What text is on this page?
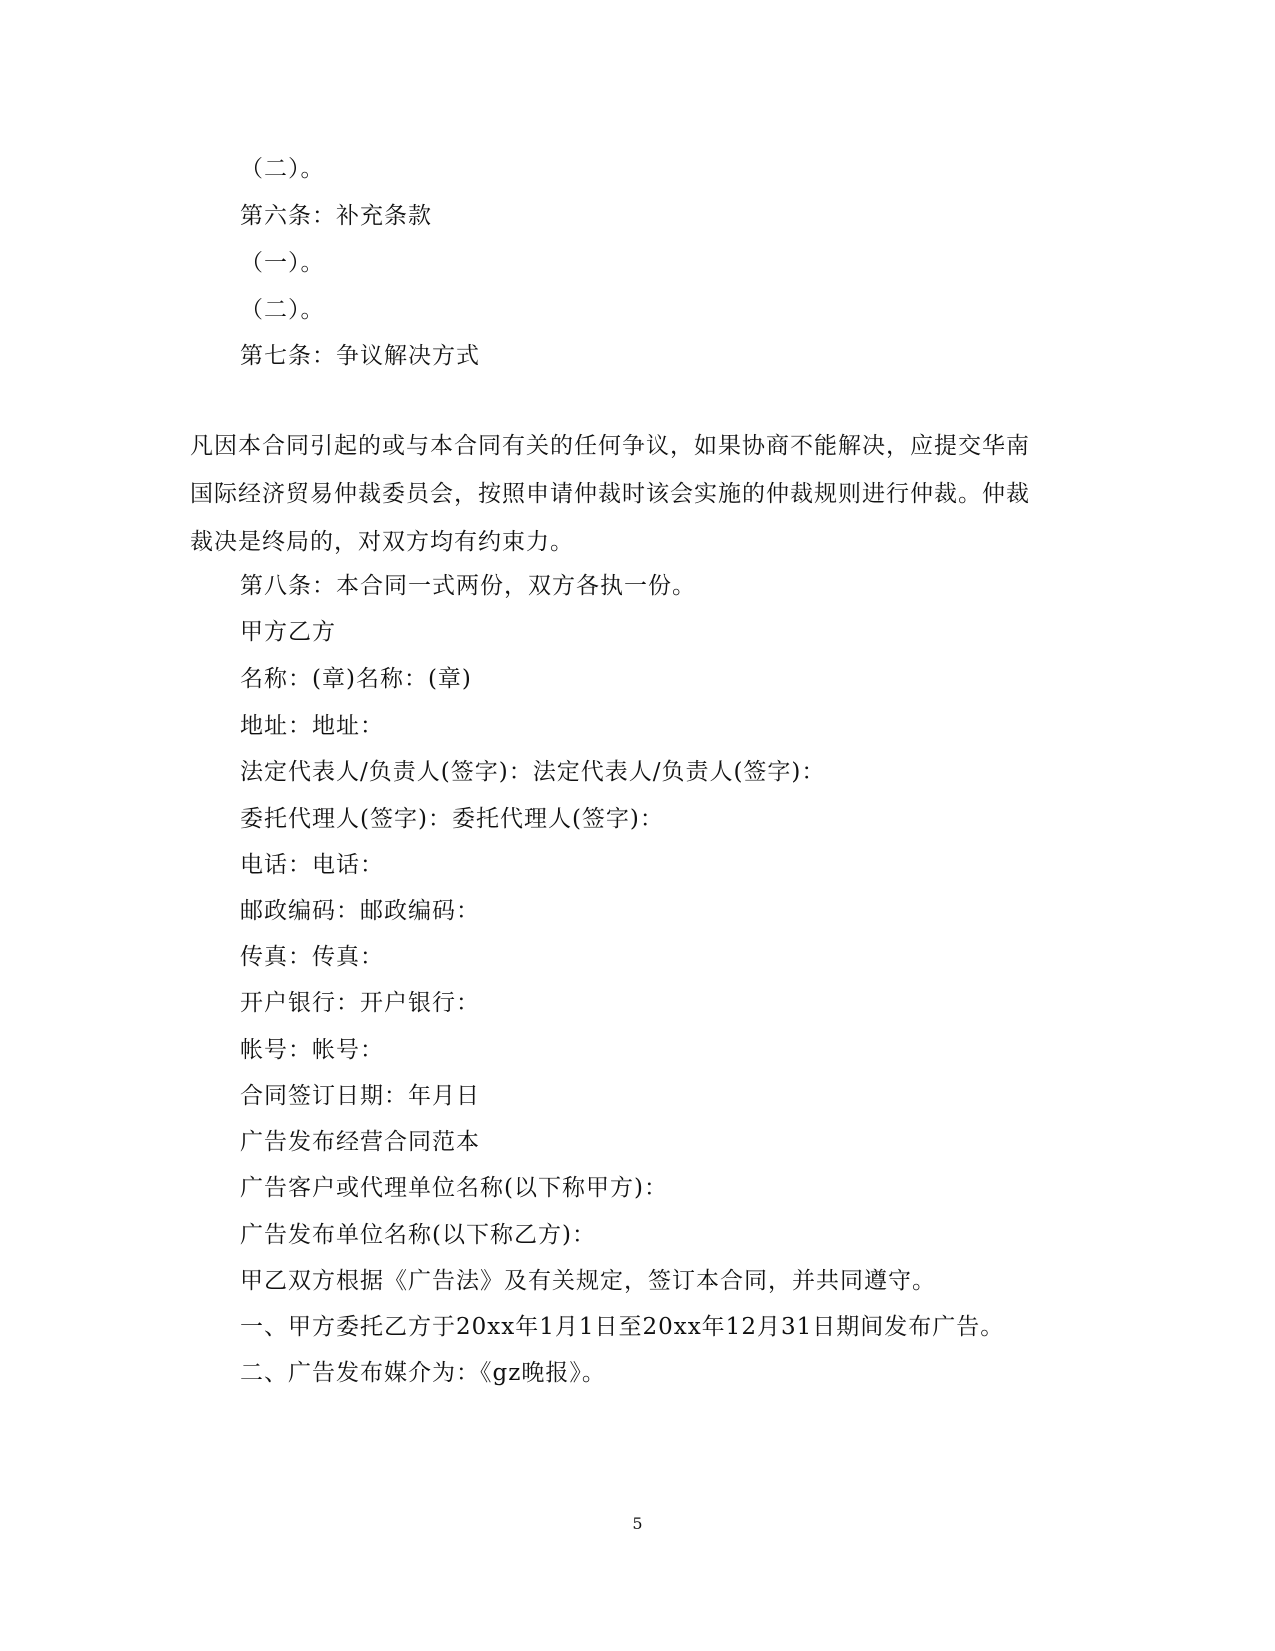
（二）。
第六条：补充条款
（一）。
（二）。
第七条：争议解决方式
凡因本合同引起的或与本合同有关的任何争议，如果协商不能解决，应提交华南
国际经济贸易仲裁委员会，按照申请仲裁时该会实施的仲裁规则进行仲裁。仲裁
裁决是终局的，对双方均有约束力。
第八条：本合同一式两份，双方各执一份。
甲方乙方
名称：(章)名称：(章)
地址：地址：
法定代表人/负责人(签字)：法定代表人/负责人(签字)：
委托代理人(签字)：委托代理人(签字)：
电话：电话：
邮政编码：邮政编码：
传真：传真：
开户银行：开户银行：
帐号：帐号：
合同签订日期：年月日
广告发布经营合同范本
广告客户或代理单位名称(以下称甲方)：
广告发布单位名称(以下称乙方)：
甲乙双方根据《广告法》及有关规定，签订本合同，并共同遵守。
一、甲方委托乙方于20xx年1月1日至20xx年12月31日期间发布广告。
二、广告发布媒介为：《gz晚报》。
5
